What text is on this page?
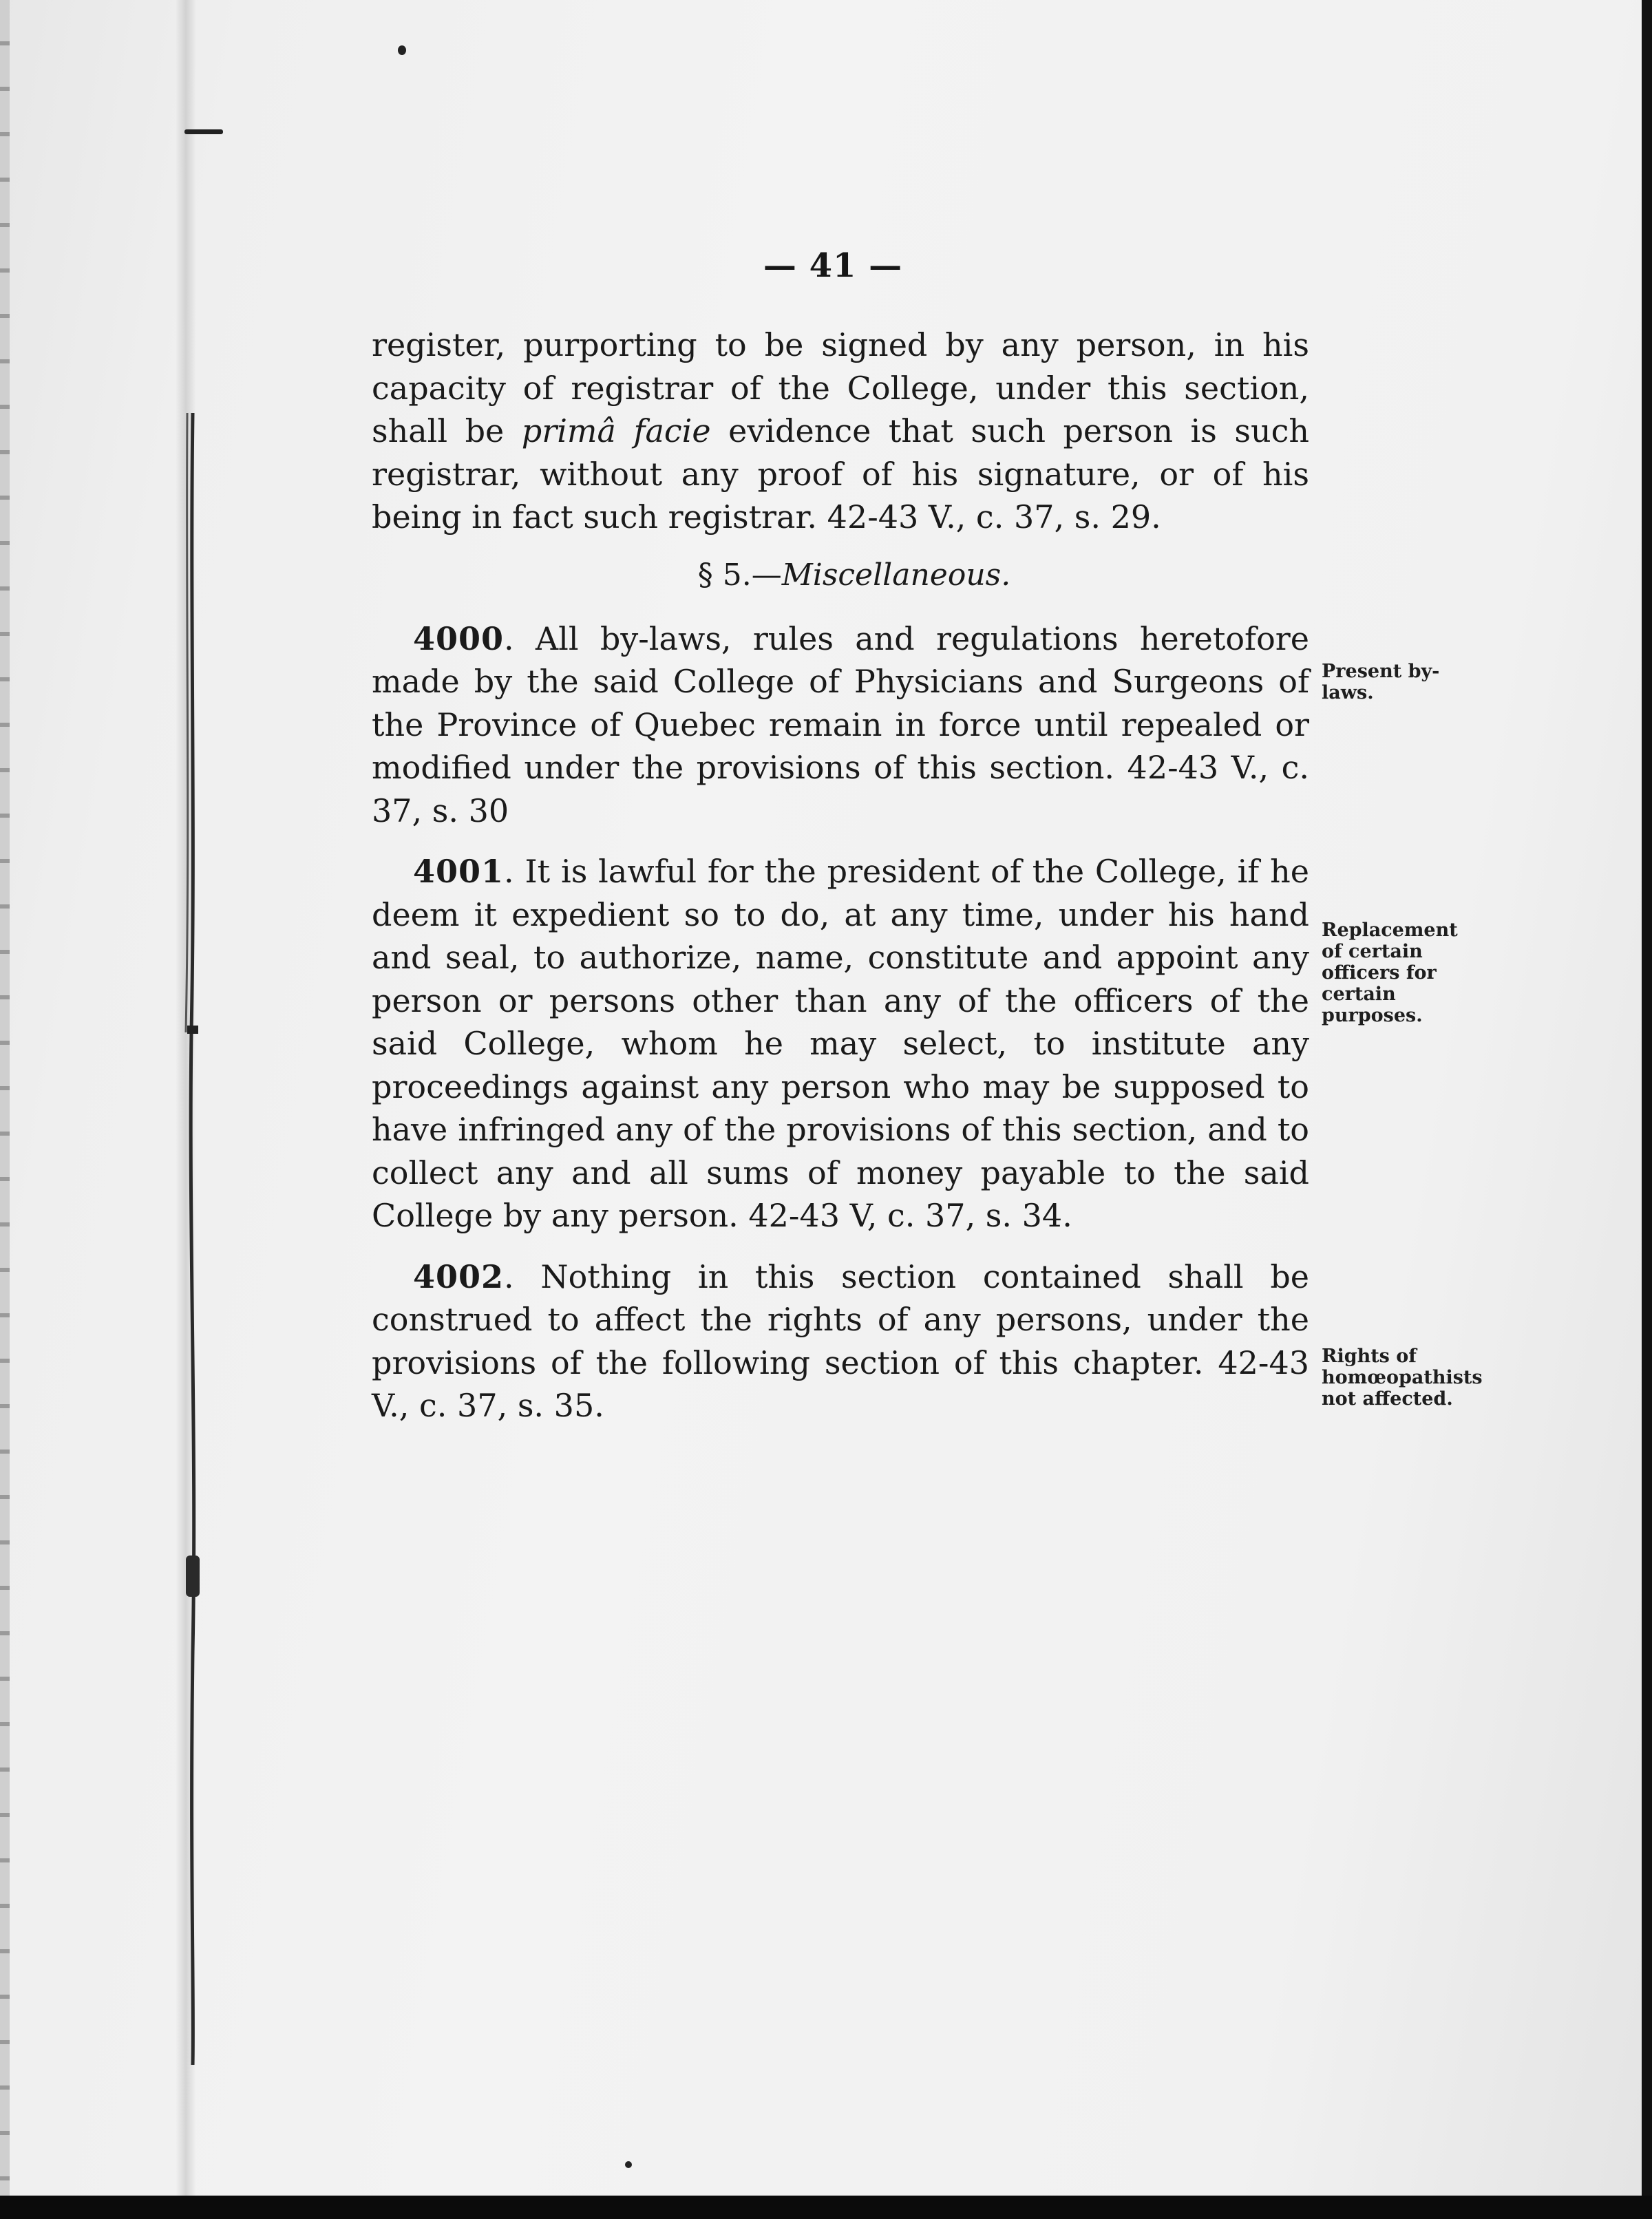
— 41 —

register, purporting to be signed by any person, in his capacity of registrar of the College, under this section, shall be primâ facie evidence that such person is such registrar, without any proof of his signature, or of his being in fact such registrar. 42-43 V., c. 37, s. 29.

§ 5.—Miscellaneous.

4000. All by-laws, rules and regulations heretofore made by the said College of Physicians and Surgeons of the Province of Quebec remain in force until repealed or modified under the provisions of this section. 42-43 V., c. 37, s. 30

4001. It is lawful for the president of the College, if he deem it expedient so to do, at any time, under his hand and seal, to authorize, name, constitute and appoint any person or persons other than any of the officers of the said College, whom he may select, to institute any proceedings against any person who may be supposed to have infringed any of the provisions of this section, and to collect any and all sums of money payable to the said College by any person. 42-43 V, c. 37, s. 34.

4002. Nothing in this section contained shall be construed to affect the rights of any persons, under the provisions of the following section of this chapter. 42-43 V., c. 37, s. 35.

Present by-laws.
Replacement of certain officers for certain purposes.
Rights of homœopathists not affected.
